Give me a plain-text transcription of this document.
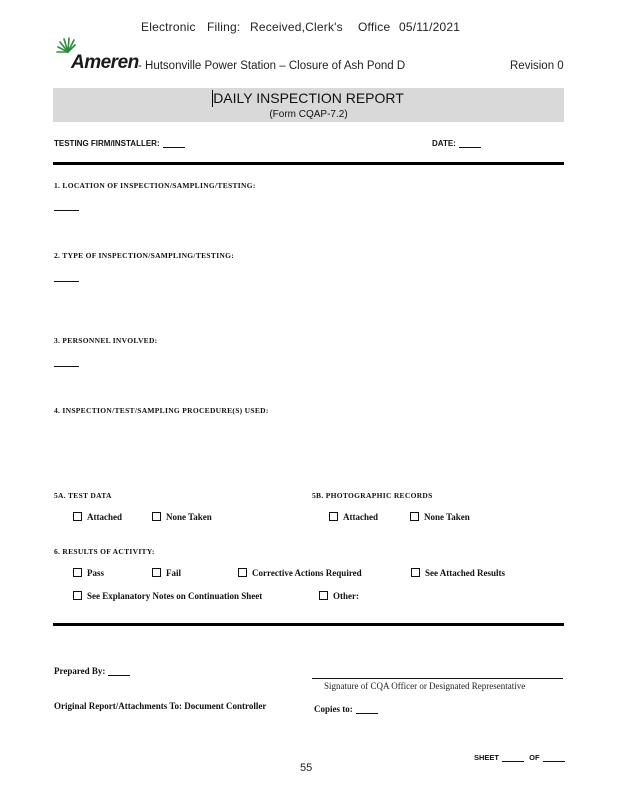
Electronic Filing: Received,Clerk's Office 05/11/2021
Ameren - Hutsonville Power Station – Closure of Ash Pond D	Revision 0
DAILY INSPECTION REPORT
(Form CQAP-7.2)
TESTING FIRM/INSTALLER:	DATE:
1. LOCATION OF INSPECTION/SAMPLING/TESTING:
2. TYPE OF INSPECTION/SAMPLING/TESTING:
3. PERSONNEL INVOLVED:
4. INSPECTION/TEST/SAMPLING PROCEDURE(S) USED:
5A. TEST DATA	5B. PHOTOGRAPHIC RECORDS
Attached	None Taken	Attached	None Taken
6. RESULTS OF ACTIVITY:
Pass	Fail	Corrective Actions Required	See Attached Results
See Explanatory Notes on Continuation Sheet	Other:
Prepared By:
Signature of CQA Officer or Designated Representative
Original Report/Attachments To: Document Controller	Copies to:
SHEET	OF
55
